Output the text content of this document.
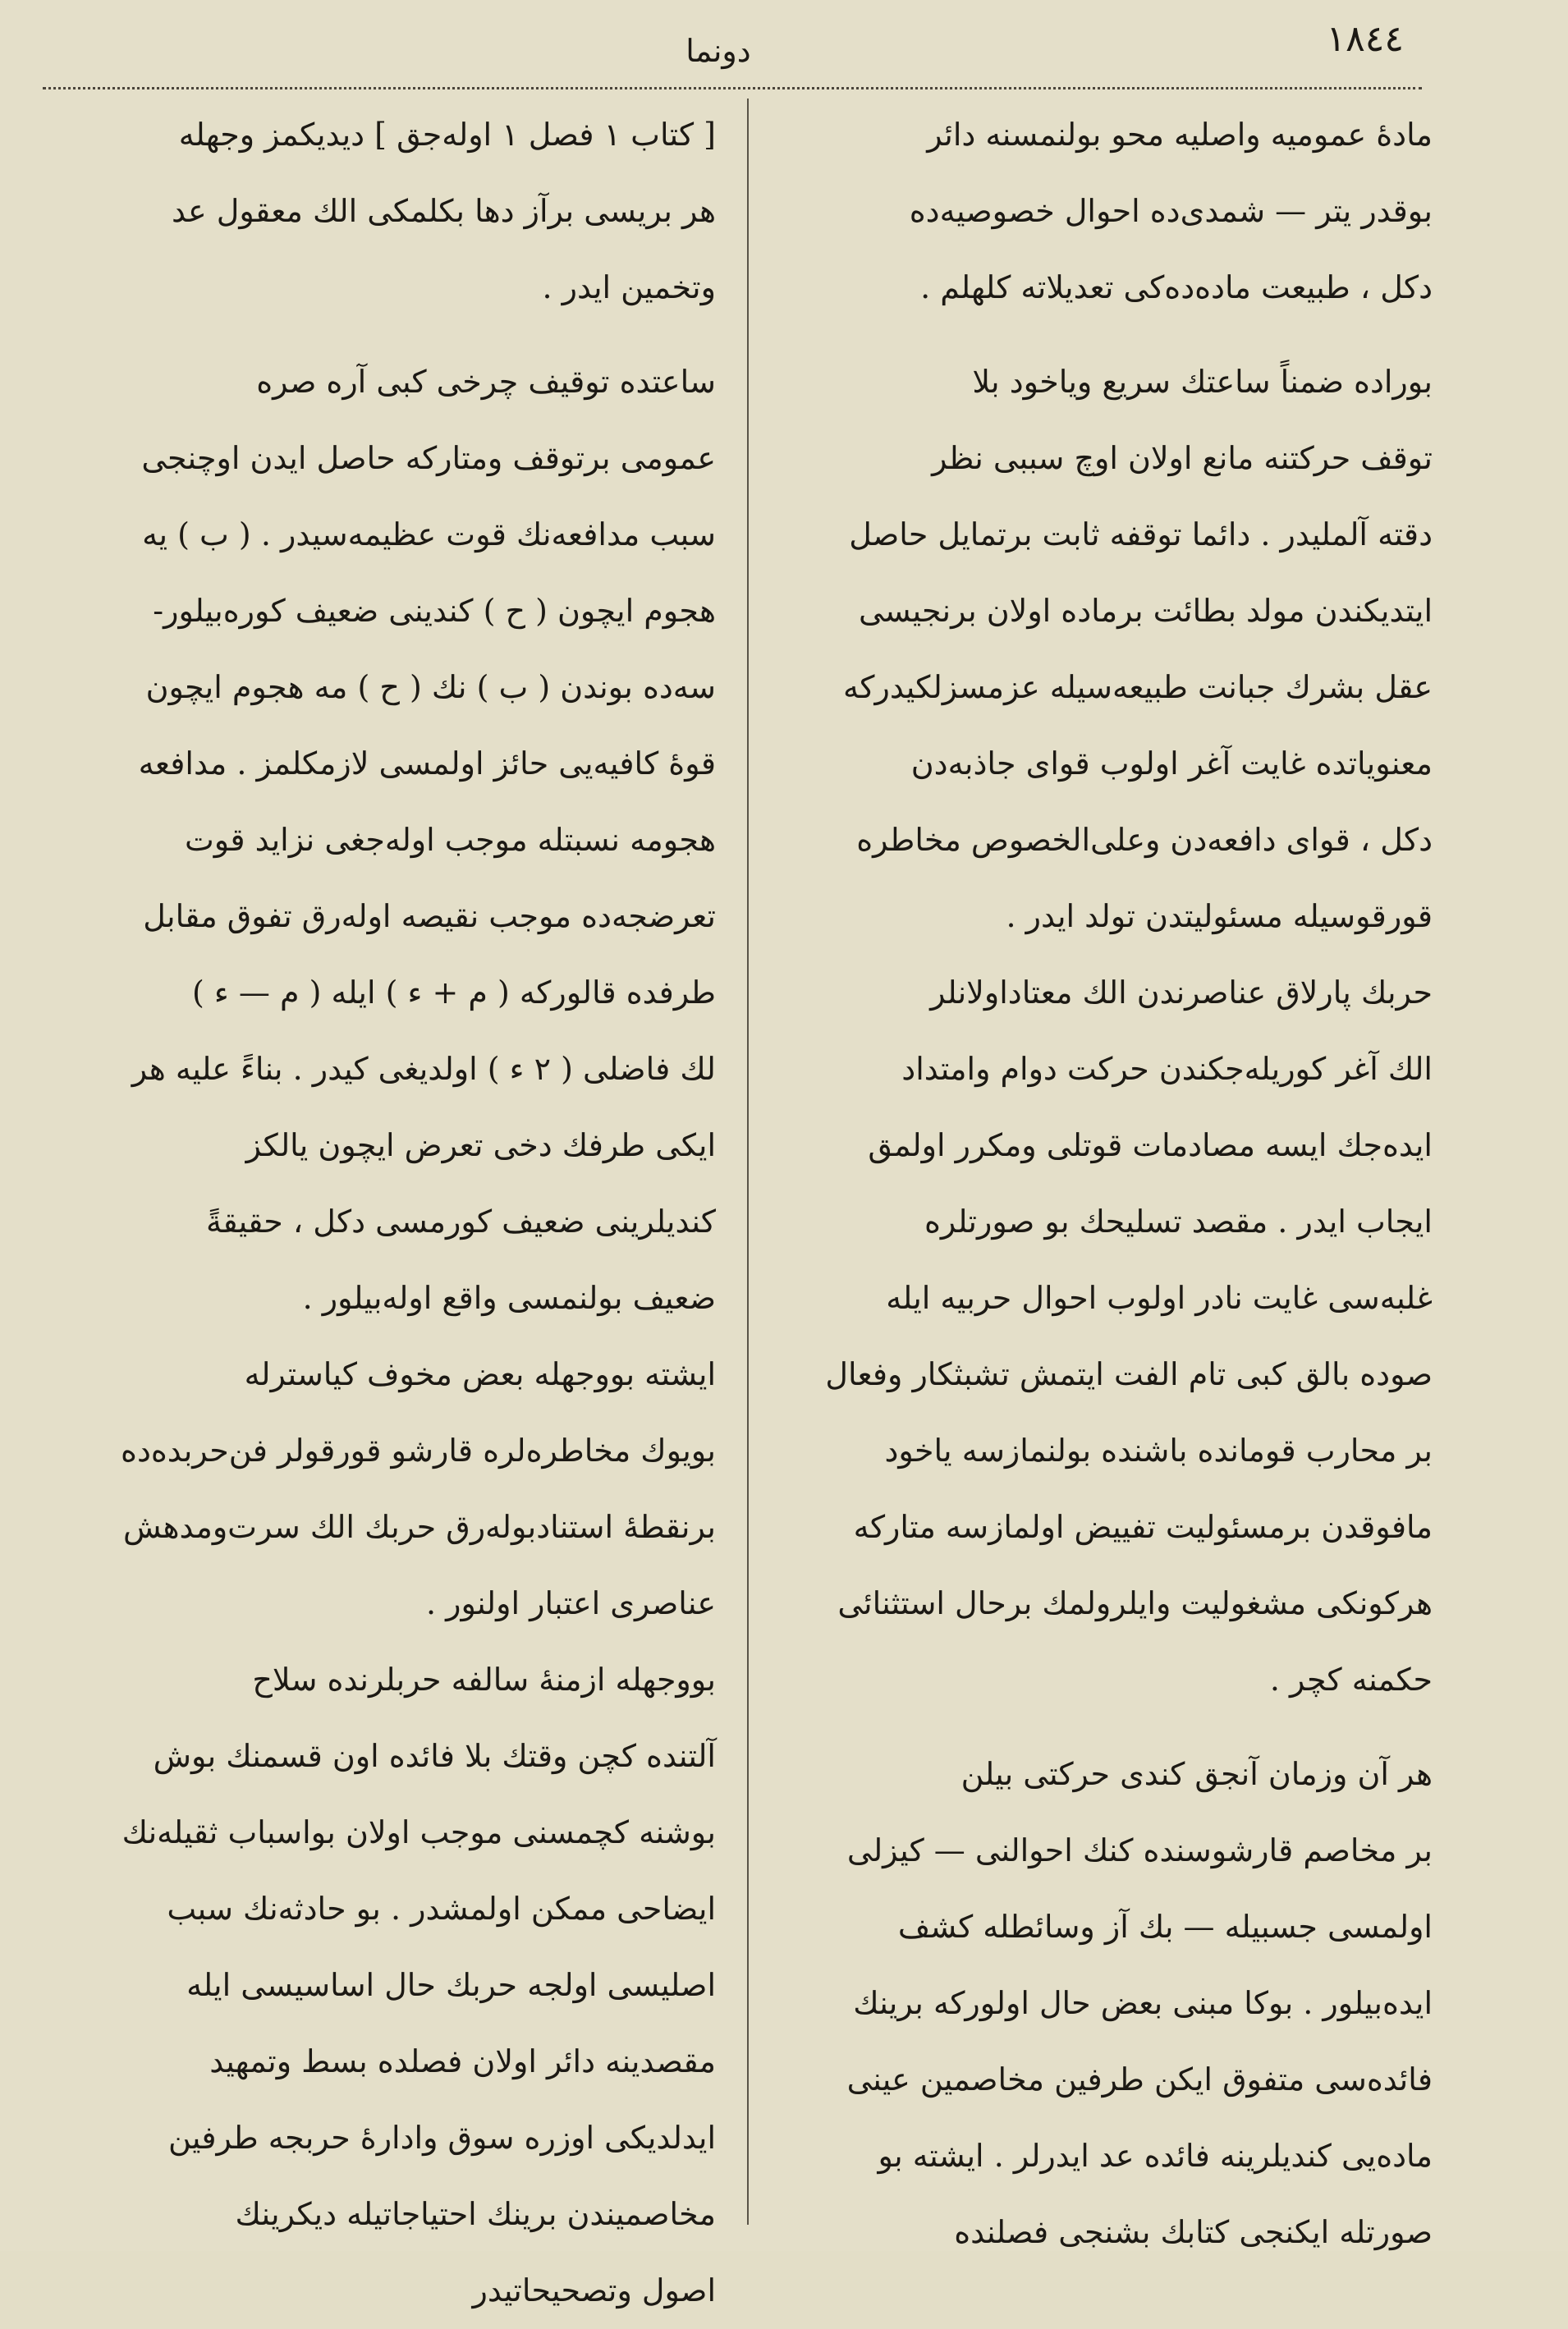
١٨٤٤
دونما
مادهٔ عمومیه واصلیه محو بولنمسنه دائر
بوقدر یتر — شمدی‌ده احوال خصوصیه‌ده
دکل ، طبیعت ماده‌ده‌کی تعدیلاته کلهلم .
بوراده ضمناً ساعتك سریع ویاخود بلا
توقف حرکتنه مانع اولان اوچ سببی نظر
دقته آلملیدر . دائما توقفه ثابت برتمایل حاصل
ایتدیکندن مولد بطائت برماده اولان برنجیسی
عقل بشرك جبانت طبیعه‌سیله عزمسزلکیدرکه
معنویاتده غایت آغر اولوب قوای جاذبه‌دن
دکل ، قوای دافعه‌دن وعلی‌الخصوص مخاطره
قورقوسیله مسئولیتدن تولد ایدر .
حربك پارلاق عناصرندن الك معتاداولانلر
الك آغر کوریله‌جکندن حرکت دوام وامتداد
ایده‌جك ایسه مصادمات قوتلی ومکرر اولمق
ایجاب ایدر . مقصد تسلیحك بو صورتلره
غلبه‌سی غایت نادر اولوب احوال حربیه ایله
صوده بالق کبی تام الفت ایتمش تشبثکار وفعال
بر محارب قوماندە باشنده بولنمازسه یاخود
مافوقدن برمسئولیت تفییض اولمازسه متارکه
هرکونکی مشغولیت وایلرولمك برحال استثنائی
حکمنه کچر .
هر آن وزمان آنجق کندی حرکتی بیلن
بر مخاصم قارشوسنده کنك احوالنی — کیزلی
اولمسی جسبیله — بك آز وسائطله کشف
ایده‌بیلور . بوکا مبنی بعض حال اولورکه برینك
فائده‌سی متفوق ایکن طرفین مخاصمین عینی
ماده‌یی کندیلرینه فائده عد ایدرلر . ایشته بو
صورتله ایکنجی کتابك بشنجی فصلنده
[ کتاب ١ فصل ١ اوله‌جق ] دیدیکمز وجهله
هر بریسی برآز دها بکلمکی الك معقول عد
وتخمین ایدر .
ساعتده توقیف چرخی کبی آره صره
عمومی برتوقف ومتارکه حاصل ایدن اوچنجی
سبب مدافعه‌نك قوت عظیمه‌سیدر . ( ب ) یه
هجوم ایچون ( ح ) کندینی ضعیف کوره‌بیلور-
سه‌ده بوندن ( ب ) نك ( ح ) مه هجوم ایچون
قوهٔ کافیه‌یی حائز اولمسی لازمکلمز . مدافعه
هجومه نسبتله موجب اوله‌جغی نزاید قوت
تعرضجه‌ده موجب نقیصه اوله‌رق تفوق مقابل
طرفده قالورکه ( م + ء ) ایله ( م — ء )
لك فاضلی ( ٢ ء ) اولدیغی کیدر . بناءً علیه هر
ایکی طرفك دخی تعرض ایچون یالکز
کندیلرینی ضعیف کورمسی دکل ، حقیقةً
ضعیف بولنمسی واقع اوله‌بیلور .
ایشته بووجهله بعض مخوف کیاسترله
بویوك مخاطره‌لره قارشو قورقولر فن‌حربده‌ده
برنقطهٔ استنادبوله‌رق حربك الك سرت‌ومدهش
عناصری اعتبار اولنور .
بووجهله ازمنهٔ سالفه حربلرنده سلاح
آلتنده کچن وقتك بلا فائده اون قسمنك بوش
بوشنه کچمسنی موجب اولان بواسباب ثقیله‌نك
ایضاحی ممکن اولمشدر . بو حادثه‌نك سبب
اصلیسی اولجه حربك حال اساسیسی ایله
مقصدینه دائر اولان فصلده بسط وتمهید
ایدلدیکی اوزره سوق وادارهٔ حربجه طرفین
مخاصمیندن برینك احتیاجاتیله دیکرینك
اصول وتصحیحاتیدر
